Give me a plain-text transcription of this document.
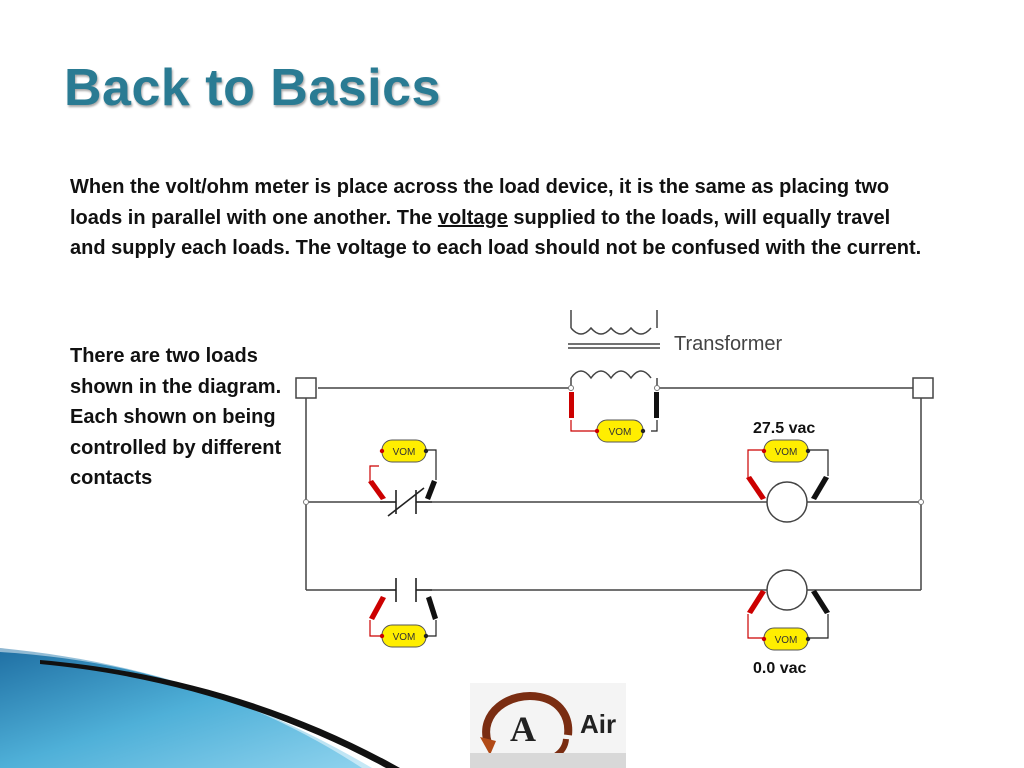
Back to Basics
When the volt/ohm meter is place across the load device, it is the same as placing two loads in parallel with one another. The voltage supplied to the loads, will equally travel and supply each loads. The voltage to each load should not be confused with the current.
There are two loads shown in the diagram. Each shown on being controlled by different contacts
VOM
VOM	VOM
VOM	VOM
Transformer
27.5 vac
0.0 vac
A Air
